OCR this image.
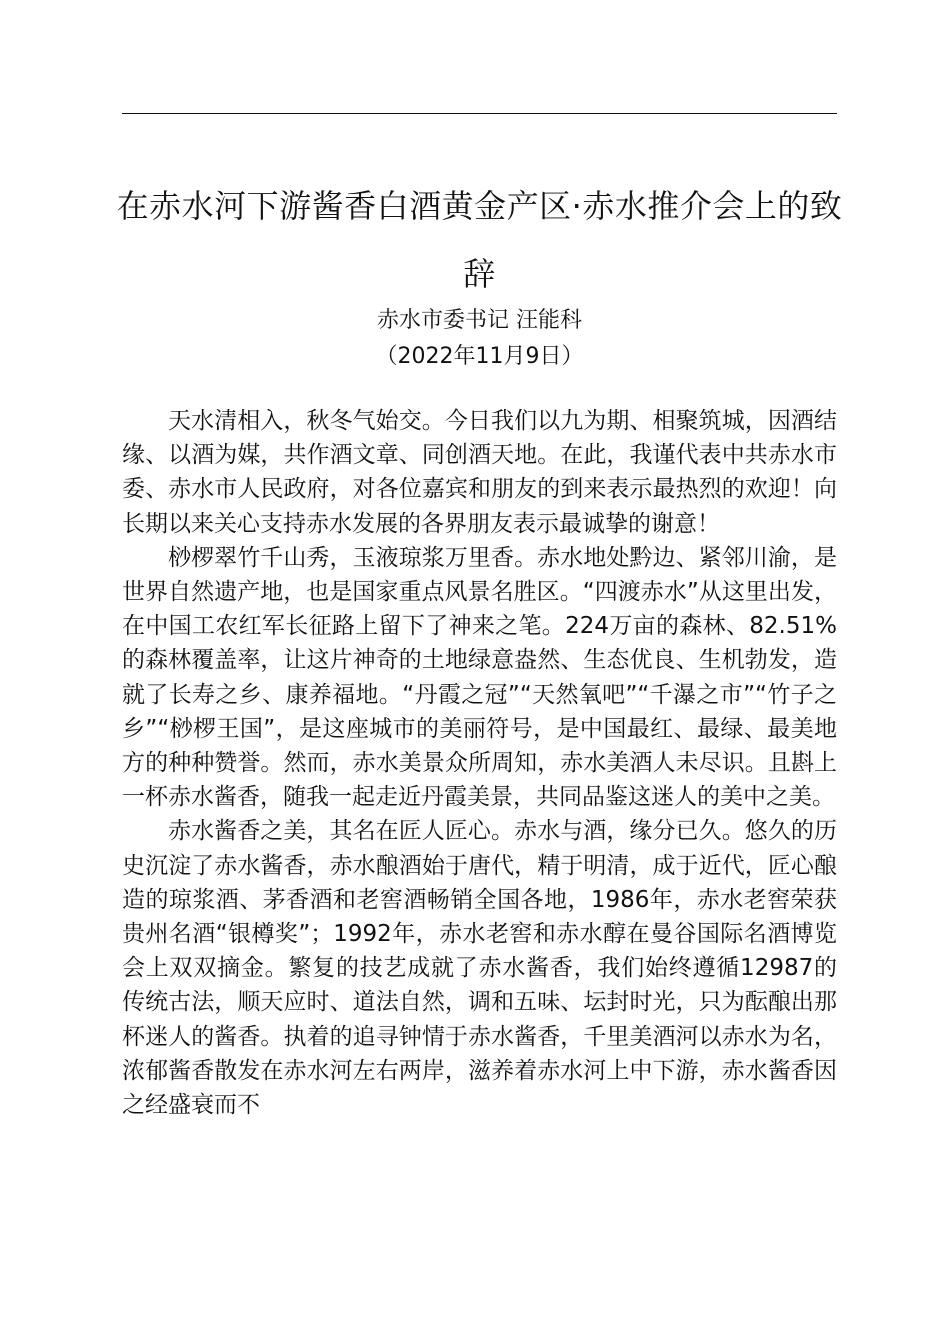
在赤水河下游酱香白酒黄金产区·赤水推介会上的致辞
赤水市委书记 汪能科
（2022年11月9日）

天水清相入，秋冬气始交。今日我们以九为期、相聚筑城，因酒结缘、以酒为媒，共作酒文章、同创酒天地。在此，我谨代表中共赤水市委、赤水市人民政府，对各位嘉宾和朋友的到来表示最热烈的欢迎！向长期以来关心支持赤水发展的各界朋友表示最诚挚的谢意！

桫椤翠竹千山秀，玉液琼浆万里香。赤水地处黔边、紧邻川渝，是世界自然遗产地，也是国家重点风景名胜区。“四渡赤水”从这里出发，在中国工农红军长征路上留下了神来之笔。224万亩的森林、82.51%的森林覆盖率，让这片神奇的土地绿意盎然、生态优良、生机勃发，造就了长寿之乡、康养福地。“丹霞之冠”“天然氧吧”“千瀑之市”“竹子之乡”“桫椤王国”，是这座城市的美丽符号，是中国最红、最绿、最美地方的种种赞誉。然而，赤水美景众所周知，赤水美酒人未尽识。且斟上一杯赤水酱香，随我一起走近丹霞美景，共同品鉴这迷人的美中之美。

赤水酱香之美，其名在匠人匠心。赤水与酒，缘分已久。悠久的历史沉淀了赤水酱香，赤水酿酒始于唐代，精于明清，成于近代，匠心酿造的琼浆酒、茅香酒和老窖酒畅销全国各地，1986年，赤水老窖荣获贵州名酒“银樽奖”；1992年，赤水老窖和赤水醇在曼谷国际名酒博览会上双双摘金。繁复的技艺成就了赤水酱香，我们始终遵循12987的传统古法，顺天应时、道法自然，调和五味、坛封时光，只为酝酿出那杯迷人的酱香。执着的追寻钟情于赤水酱香，千里美酒河以赤水为名，浓郁酱香散发在赤水河左右两岸，滋养着赤水河上中下游，赤水酱香因之经盛衰而不
